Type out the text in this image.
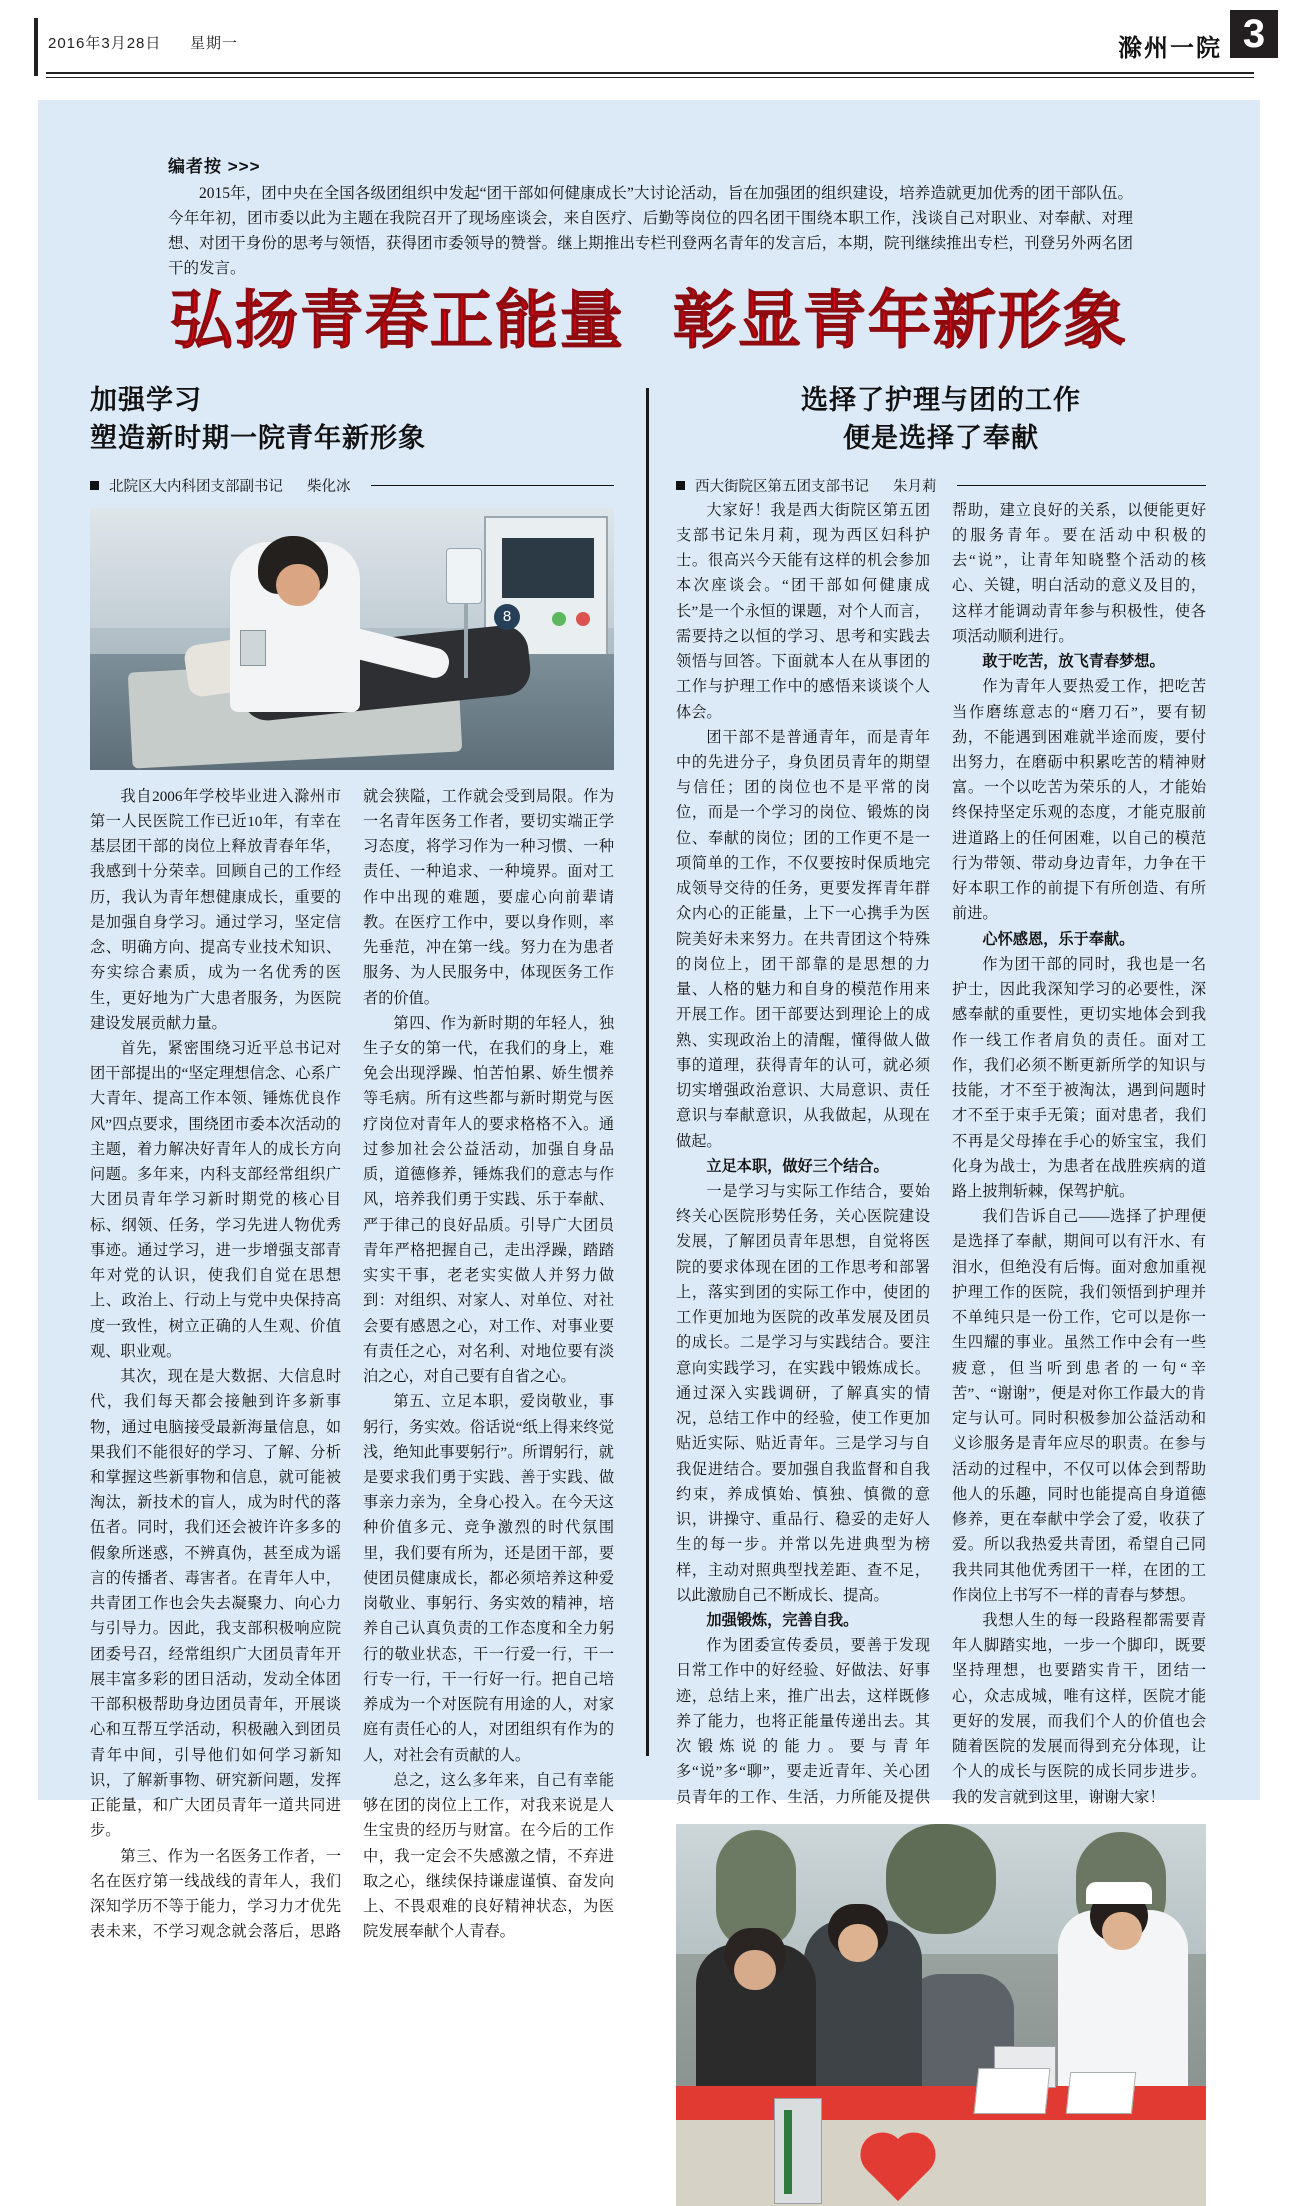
2016年3月28日 星期一	滁州一院 3
编者按 >>>
2015年，团中央在全国各级团组织中发起“团干部如何健康成长”大讨论活动，旨在加强团的组织建设，培养造就更加优秀的团干部队伍。今年年初，团市委以此为主题在我院召开了现场座谈会，来自医疗、后勤等岗位的四名团干围绕本职工作，浅谈自己对职业、对奉献、对理想、对团干身份的思考与领悟，获得团市委领导的赞誉。继上期推出专栏刊登两名青年的发言后，本期，院刊继续推出专栏，刊登另外两名团干的发言。
弘扬青春正能量 彰显青年新形象
加强学习
塑造新时期一院青年新形象
北院区大内科团支部副书记 柴化冰
8

我自2006年学校毕业进入滁州市第一人民医院工作已近10年，有幸在基层团干部的岗位上释放青春年华，我感到十分荣幸。回顾自己的工作经历，我认为青年想健康成长，重要的是加强自身学习。通过学习，坚定信念、明确方向、提高专业技术知识、夯实综合素质，成为一名优秀的医生，更好地为广大患者服务，为医院建设发展贡献力量。

首先，紧密围绕习近平总书记对团干部提出的“坚定理想信念、心系广大青年、提高工作本领、锤炼优良作风”四点要求，围绕团市委本次活动的主题，着力解决好青年人的成长方向问题。多年来，内科支部经常组织广大团员青年学习新时期党的核心目标、纲领、任务，学习先进人物优秀事迹。通过学习，进一步增强支部青年对党的认识，使我们自觉在思想上、政治上、行动上与党中央保持高度一致性，树立正确的人生观、价值观、职业观。

其次，现在是大数据、大信息时代，我们每天都会接触到许多新事物，通过电脑接受最新海量信息，如果我们不能很好的学习、了解、分析和掌握这些新事物和信息，就可能被淘汰，新技术的盲人，成为时代的落伍者。同时，我们还会被许许多多的假象所迷惑，不辨真伪，甚至成为谣言的传播者、毒害者。在青年人中，共青团工作也会失去凝聚力、向心力与引导力。因此，我支部积极响应院团委号召，经常组织广大团员青年开展丰富多彩的团日活动，发动全体团干部积极帮助身边团员青年，开展谈心和互帮互学活动，积极融入到团员青年中间，引导他们如何学习新知识，了解新事物、研究新问题，发挥正能量，和广大团员青年一道共同进步。

第三、作为一名医务工作者，一名在医疗第一线战线的青年人，我们深知学历不等于能力，学习力才优先表未来，不学习观念就会落后，思路就会狭隘，工作就会受到局限。作为一名青年医务工作者，要切实端正学习态度，将学习作为一种习惯、一种责任、一种追求、一种境界。面对工作中出现的难题，要虚心向前辈请教。在医疗工作中，要以身作则，率先垂范，冲在第一线。努力在为患者服务、为人民服务中，体现医务工作者的价值。

第四、作为新时期的年轻人，独生子女的第一代，在我们的身上，难免会出现浮躁、怕苦怕累、娇生惯养等毛病。所有这些都与新时期党与医疗岗位对青年人的要求格格不入。通过参加社会公益活动，加强自身品质，道德修养，锤炼我们的意志与作风，培养我们勇于实践、乐于奉献、严于律己的良好品质。引导广大团员青年严格把握自己，走出浮躁，踏踏实实干事，老老实实做人并努力做到：对组织、对家人、对单位、对社会要有感恩之心，对工作、对事业要有责任之心，对名利、对地位要有淡泊之心，对自己要有自省之心。

第五、立足本职，爱岗敬业，事躬行，务实效。俗话说“纸上得来终觉浅，绝知此事要躬行”。所谓躬行，就是要求我们勇于实践、善于实践、做事亲力亲为，全身心投入。在今天这种价值多元、竞争激烈的时代氛围里，我们要有所为，还是团干部，要使团员健康成长，都必须培养这种爱岗敬业、事躬行、务实效的精神，培养自己认真负责的工作态度和全力躬行的敬业状态，干一行爱一行，干一行专一行，干一行好一行。把自己培养成为一个对医院有用途的人，对家庭有责任心的人，对团组织有作为的人，对社会有贡献的人。

总之，这么多年来，自己有幸能够在团的岗位上工作，对我来说是人生宝贵的经历与财富。在今后的工作中，我一定会不失感激之情，不弃进取之心，继续保持谦虚谨慎、奋发向上、不畏艰难的良好精神状态，为医院发展奉献个人青春。

选择了护理与团的工作
便是选择了奉献
西大街院区第五团支部书记 朱月莉

大家好！我是西大街院区第五团支部书记朱月莉，现为西区妇科护士。很高兴今天能有这样的机会参加本次座谈会。“团干部如何健康成长”是一个永恒的课题，对个人而言，需要持之以恒的学习、思考和实践去领悟与回答。下面就本人在从事团的工作与护理工作中的感悟来谈谈个人体会。

团干部不是普通青年，而是青年中的先进分子，身负团员青年的期望与信任；团的岗位也不是平常的岗位，而是一个学习的岗位、锻炼的岗位、奉献的岗位；团的工作更不是一项简单的工作，不仅要按时保质地完成领导交待的任务，更要发挥青年群众内心的正能量，上下一心携手为医院美好未来努力。在共青团这个特殊的岗位上，团干部靠的是思想的力量、人格的魅力和自身的模范作用来开展工作。团干部要达到理论上的成熟、实现政治上的清醒，懂得做人做事的道理，获得青年的认可，就必须切实增强政治意识、大局意识、责任意识与奉献意识，从我做起，从现在做起。

立足本职，做好三个结合。

一是学习与实际工作结合，要始终关心医院形势任务，关心医院建设发展，了解团员青年思想，自觉将医院的要求体现在团的工作思考和部署上，落实到团的实际工作中，使团的工作更加地为医院的改革发展及团员的成长。二是学习与实践结合。要注意向实践学习，在实践中锻炼成长。通过深入实践调研，了解真实的情况，总结工作中的经验，使工作更加贴近实际、贴近青年。三是学习与自我促进结合。要加强自我监督和自我约束，养成慎始、慎独、慎微的意识，讲操守、重品行、稳妥的走好人生的每一步。并常以先进典型为榜样，主动对照典型找差距、查不足，以此激励自己不断成长、提高。

加强锻炼，完善自我。

作为团委宣传委员，要善于发现日常工作中的好经验、好做法、好事迹，总结上来，推广出去，这样既修养了能力，也将正能量传递出去。其次锻炼说的能力。要与青年多“说”多“聊”，要走近青年、关心团员青年的工作、生活，力所能及提供帮助，建立良好的关系，以便能更好的服务青年。要在活动中积极的去“说”，让青年知晓整个活动的核心、关键，明白活动的意义及目的，这样才能调动青年参与积极性，使各项活动顺利进行。

敢于吃苦，放飞青春梦想。

作为青年人要热爱工作，把吃苦当作磨练意志的“磨刀石”，要有韧劲，不能遇到困难就半途而废，要付出努力，在磨砺中积累吃苦的精神财富。一个以吃苦为荣乐的人，才能始终保持坚定乐观的态度，才能克服前进道路上的任何困难，以自己的模范行为带领、带动身边青年，力争在干好本职工作的前提下有所创造、有所前进。

心怀感恩，乐于奉献。

作为团干部的同时，我也是一名护士，因此我深知学习的必要性，深感奉献的重要性，更切实地体会到我作一线工作者肩负的责任。面对工作，我们必须不断更新所学的知识与技能，才不至于被淘汰，遇到问题时才不至于束手无策；面对患者，我们不再是父母捧在手心的娇宝宝，我们化身为战士，为患者在战胜疾病的道路上披荆斩棘，保驾护航。

我们告诉自己——选择了护理便是选择了奉献，期间可以有汗水、有泪水，但绝没有后悔。面对愈加重视护理工作的医院，我们领悟到护理并不单纯只是一份工作，它可以是你一生四耀的事业。虽然工作中会有一些疲意，但当听到患者的一句“辛苦”、“谢谢”，便是对你工作最大的肯定与认可。同时积极参加公益活动和义诊服务是青年应尽的职责。在参与活动的过程中，不仅可以体会到帮助他人的乐趣，同时也能提高自身道德修养，更在奉献中学会了爱，收获了爱。所以我热爱共青团，希望自己同我共同其他优秀团干一样，在团的工作岗位上书写不一样的青春与梦想。

我想人生的每一段路程都需要青年人脚踏实地，一步一个脚印，既要坚持理想，也要踏实肯干，团结一心，众志成城，唯有这样，医院才能更好的发展，而我们个人的价值也会随着医院的发展而得到充分体现，让个人的成长与医院的成长同步进步。我的发言就到这里，谢谢大家！
